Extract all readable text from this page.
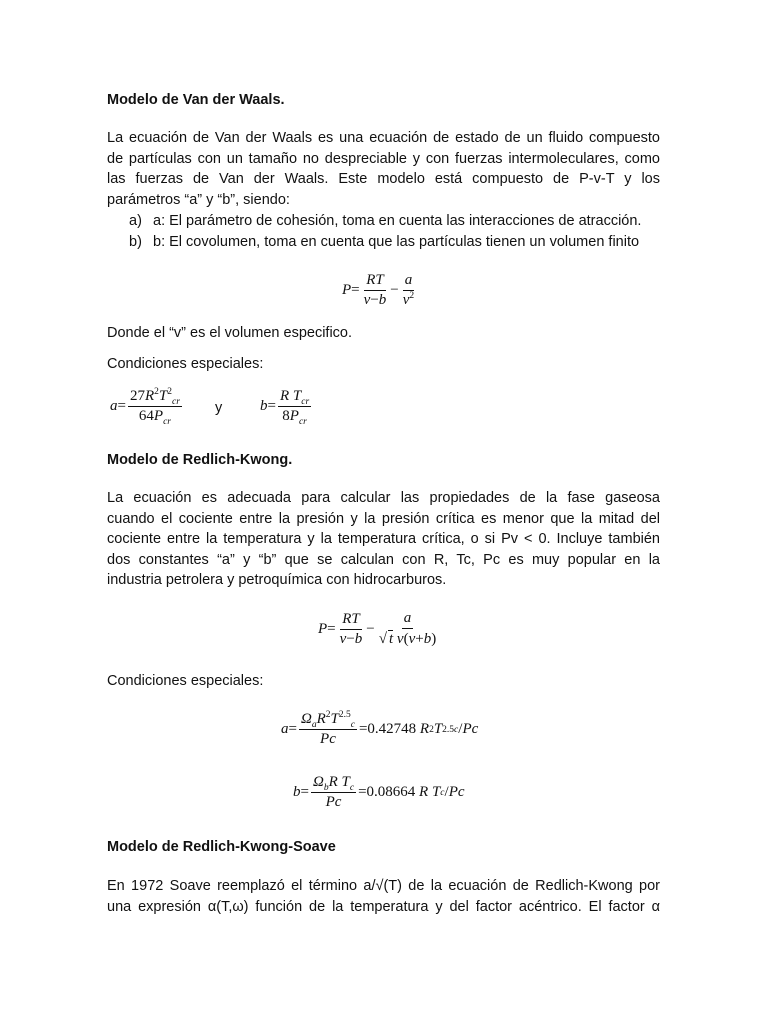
Modelo de Van der Waals.
La ecuación de Van der Waals es una ecuación de estado de un fluido compuesto
de partículas con un tamaño no despreciable y con fuerzas intermoleculares, como
las fuerzas de Van der Waals. Este modelo está compuesto de P-v-T y los
parámetros “a” y “b”, siendo:
a) a: El parámetro de cohesión, toma en cuenta las interacciones de atracción.
b) b: El covolumen, toma en cuenta que las partículas tienen un volumen finito
$P = \frac{RT}{v-b} - \frac{a}{v^2}$
Donde el “v” es el volumen especifico.
Condiciones especiales:
$a = \frac{27R^2T^2_{cr}}{64P_{cr}}$ y	$b = \frac{R T_{cr}}{8P_{cr}}$
Modelo de Redlich-Kwong.
La ecuación es adecuada para calcular las propiedades de la fase gaseosa
cuando el cociente entre la presión y la presión crítica es menor que la mitad del
cociente entre la temperatura y la temperatura crítica, o si Pv < 0. Incluye también
dos constantes “a” y “b” que se calculan con R, Tc, Pc es muy popular en la
industria petrolera y petroquímica con hidrocarburos.
$P = \frac{RT}{v-b} - \frac{a}{\text{√ t v(v+b)}}$
Condiciones especiales:
$a = \frac{\Omega_aR^2T^{2.5}_c}{Pc} = 0.42748$ R 2 T 2.5 c / Pc
$b = \frac{\Omega_bR T_c}{Pc} = 0.08664$ R T c / Pc
Modelo de Redlich-Kwong-Soave
En 1972 Soave reemplazó el término a/√(T) de la ecuación de Redlich-Kwong por
una expresión α(T,ω) función de la temperatura y del factor acéntrico. El factor α
